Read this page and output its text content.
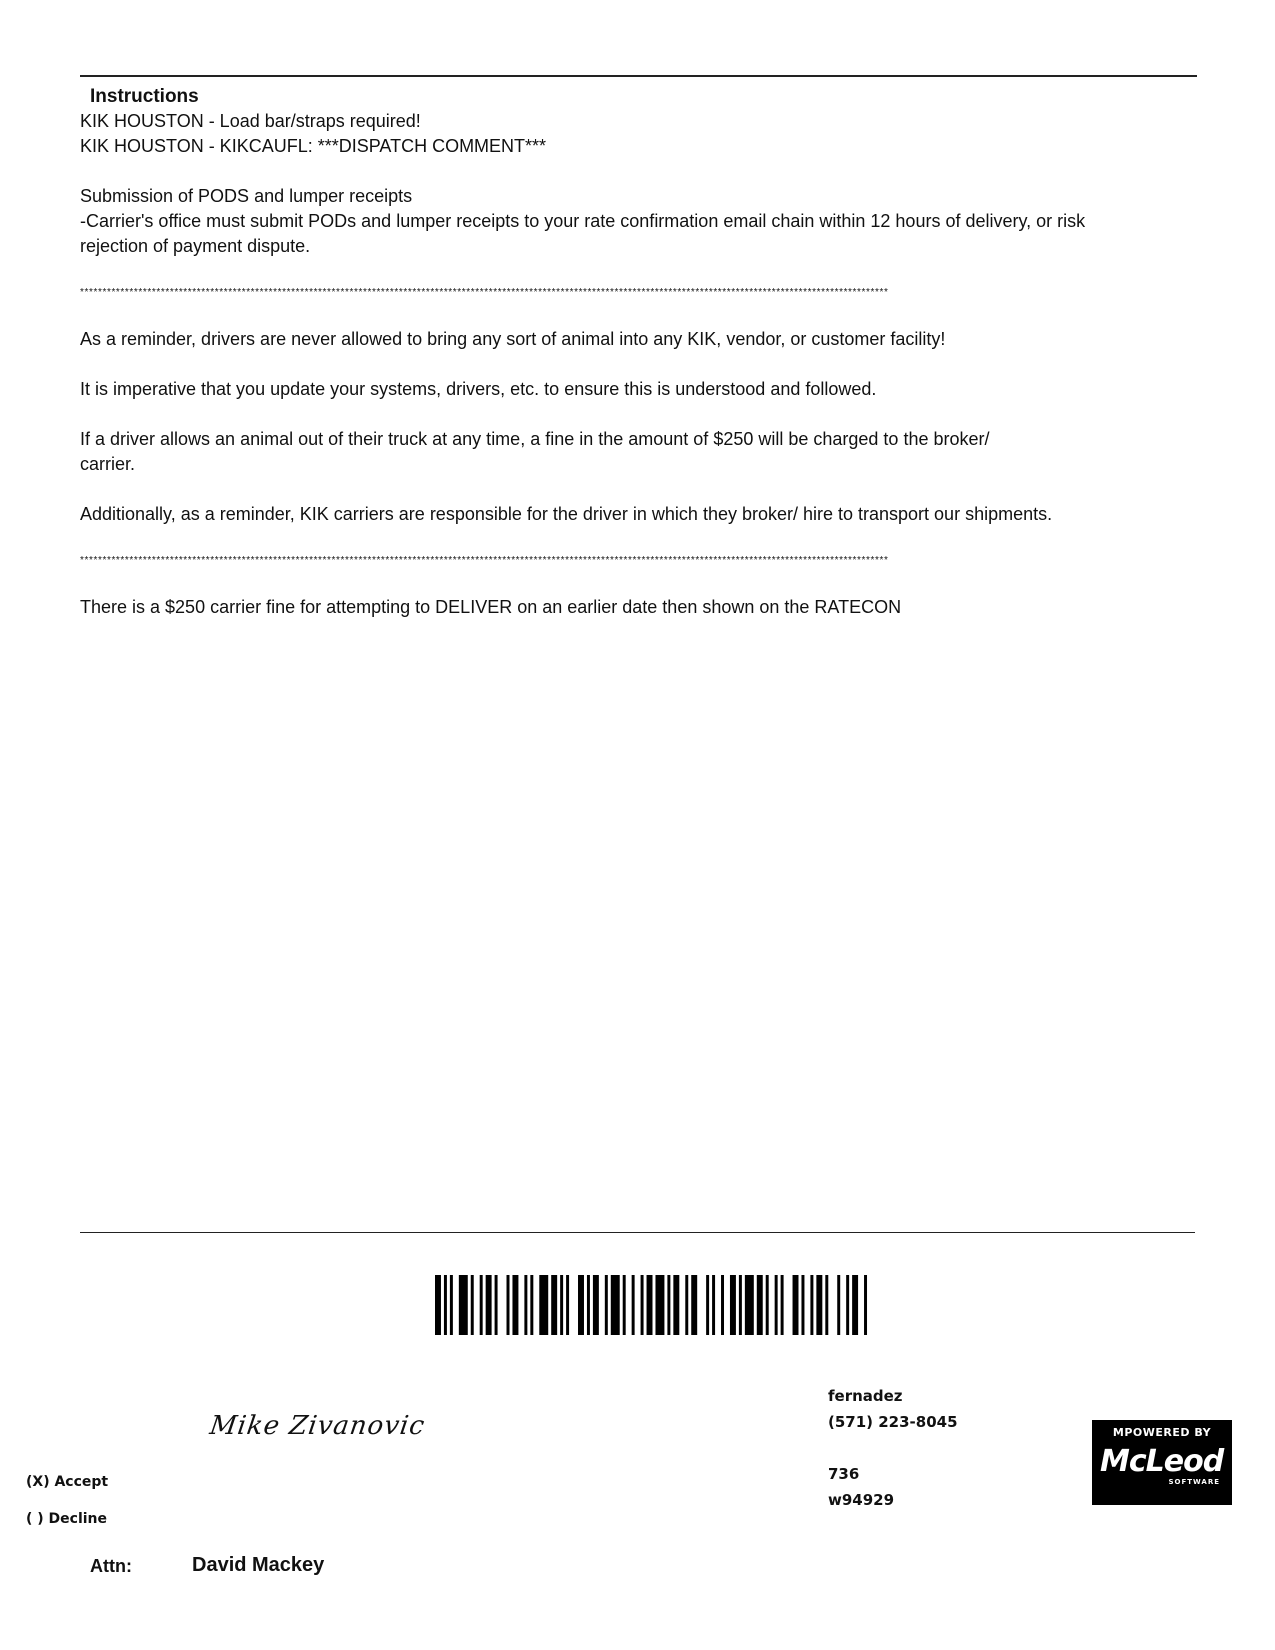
Instructions
KIK HOUSTON - Load bar/straps required!
KIK HOUSTON - KIKCAUFL: ***DISPATCH COMMENT***
Submission of PODS and lumper receipts
-Carrier's office must submit PODs and lumper receipts to your rate confirmation email chain within 12 hours of delivery, or risk rejection of payment dispute.
************************************************************************************************************************************************************************************
As a reminder, drivers are never allowed to bring any sort of animal into any KIK, vendor, or customer facility!
It is imperative that you update your systems, drivers, etc. to ensure this is understood and followed.
If a driver allows an animal out of their truck at any time, a fine in the amount of $250 will be charged to the broker/ carrier.
Additionally, as a reminder, KIK carriers are responsible for the driver in which they broker/ hire to transport our shipments.
************************************************************************************************************************************************************************************
There is a $250 carrier fine for attempting to DELIVER on an earlier date then shown on the RATECON
Mike Zivanovic
(X) Accept
( ) Decline
Attn:	David Mackey
fernadez
(571) 223-8045
736
w94929
MPOWERED BY
McLeod
SOFTWARE
